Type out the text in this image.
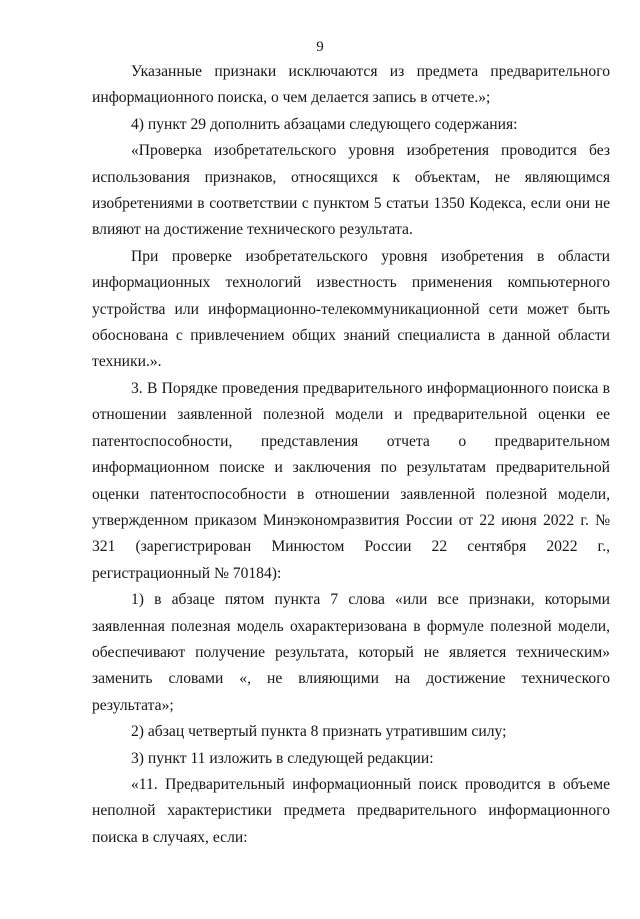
9

Указанные признаки исключаются из предмета предварительного информационного поиска, о чем делается запись в отчете.»;

4) пункт 29 дополнить абзацами следующего содержания:

«Проверка изобретательского уровня изобретения проводится без использования признаков, относящихся к объектам, не являющимся изобретениями в соответствии с пунктом 5 статьи 1350 Кодекса, если они не влияют на достижение технического результата.

При проверке изобретательского уровня изобретения в области информационных технологий известность применения компьютерного устройства или информационно-телекоммуникационной сети может быть обоснована с привлечением общих знаний специалиста в данной области техники.».

3. В Порядке проведения предварительного информационного поиска в отношении заявленной полезной модели и предварительной оценки ее патентоспособности, представления отчета о предварительном информационном поиске и заключения по результатам предварительной оценки патентоспособности в отношении заявленной полезной модели, утвержденном приказом Минэкономразвития России от 22 июня 2022 г. № 321 (зарегистрирован Минюстом России 22 сентября 2022 г., регистрационный № 70184):

1) в абзаце пятом пункта 7 слова «или все признаки, которыми заявленная полезная модель охарактеризована в формуле полезной модели, обеспечивают получение результата, который не является техническим» заменить словами «, не влияющими на достижение технического результата»;

2) абзац четвертый пункта 8 признать утратившим силу;

3) пункт 11 изложить в следующей редакции:

«11. Предварительный информационный поиск проводится в объеме неполной характеристики предмета предварительного информационного поиска в случаях, если:
